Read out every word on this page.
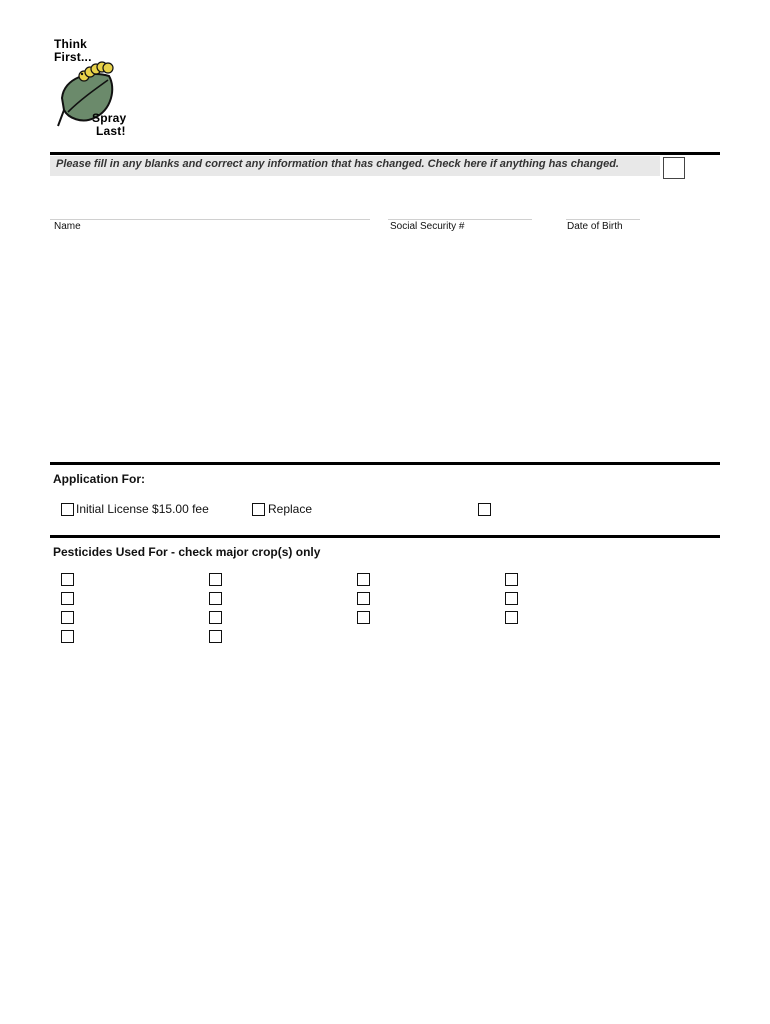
Think
First...
Spray
Last!
Please fill in any blanks and correct any information that has changed. Check here if anything has changed.
Name	Social Security #	Date of Birth
Application For:
Initial License $15.00 fee	Replace
Pesticides Used For - check major crop(s) only
